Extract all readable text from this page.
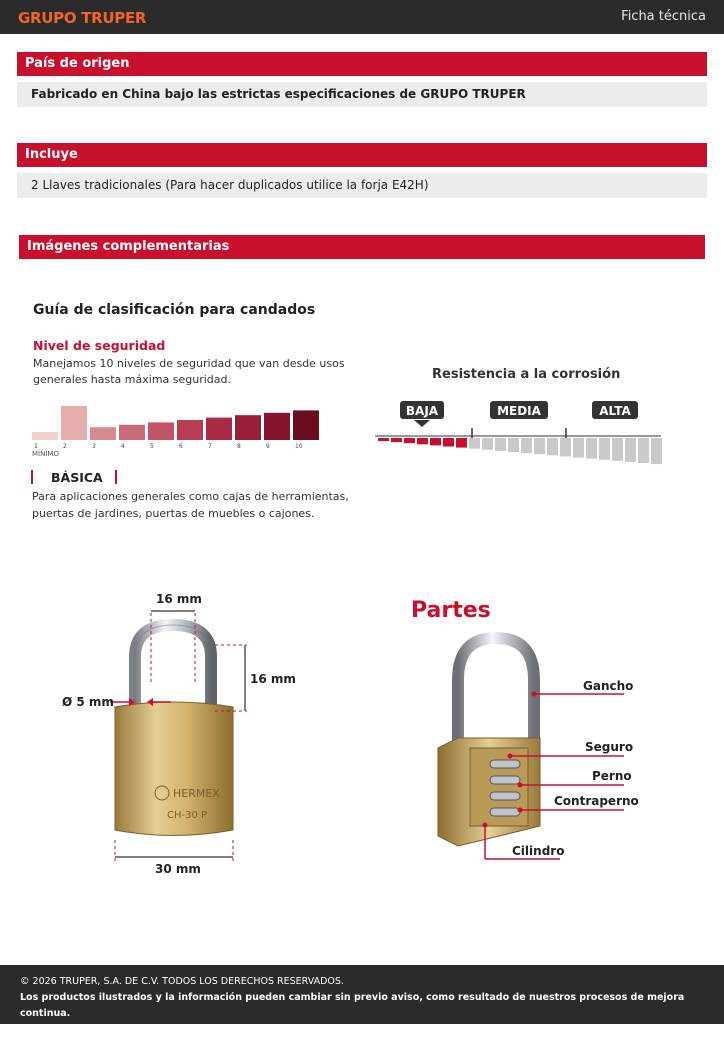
GRUPO TRUPER	Ficha técnica
País de origen
Fabricado en China bajo las estrictas especificaciones de GRUPO TRUPER
Incluye
2 Llaves tradicionales (Para hacer duplicados utilice la forja E42H)
Imágenes complementarias
Guía de clasificación para candados
Nivel de seguridad
Manejamos 10 niveles de seguridad que van desde usos
generales hasta máxima seguridad.
1	2	3	4	5	6	7	8	9	10
MÍNIMO
BÁSICA
Para aplicaciones generales como cajas de herramientas,
puertas de jardines, puertas de muebles o cajones.
Resistencia a la corrosión
BAJA	MEDIA	ALTA
HERMEX
CH-30 P
16 mm
16 mm
Ø 5 mm
30 mm
Partes
Gancho
Seguro
Perno
Contraperno
Cilindro
© 2026 TRUPER, S.A. DE C.V. TODOS LOS DERECHOS RESERVADOS.
Los productos ilustrados y la información pueden cambiar sin previo aviso, como resultado de nuestros procesos de mejora continua.
Prohibida su reproducción o divulgación total o parcial así como su uso o aprovechamiento sin autorización escrita de Truper, S.A. de C.V.
